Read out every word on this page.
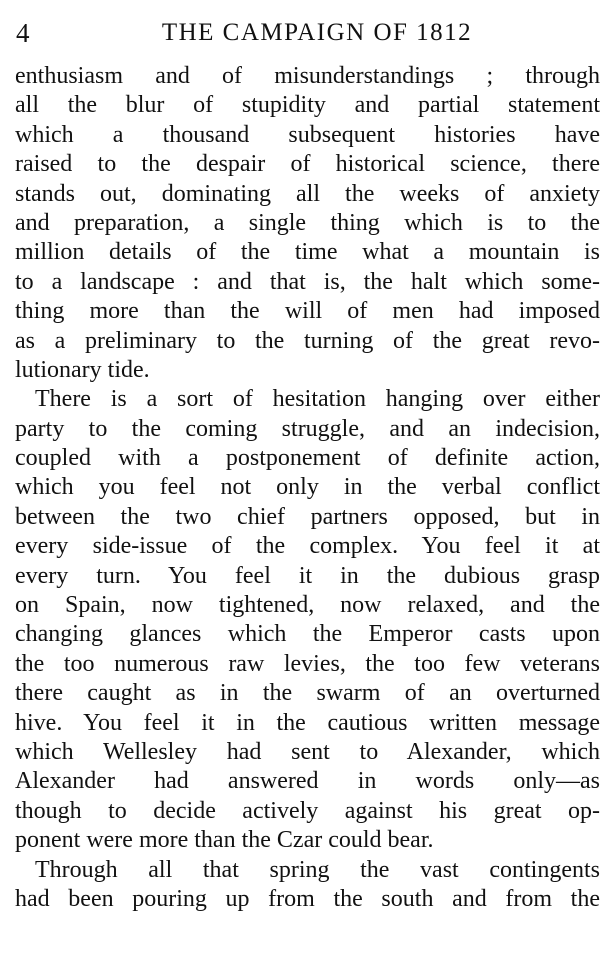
4	THE CAMPAIGN OF 1812
enthusiasm and of misunderstandings ; through
all the blur of stupidity and partial statement
which a thousand subsequent histories have
raised to the despair of historical science, there
stands out, dominating all the weeks of anxiety
and preparation, a single thing which is to the
million details of the time what a mountain is
to a landscape : and that is, the halt which some-
thing more than the will of men had imposed
as a preliminary to the turning of the great revo-
lutionary tide.
There is a sort of hesitation hanging over either
party to the coming struggle, and an indecision,
coupled with a postponement of definite action,
which you feel not only in the verbal conflict
between the two chief partners opposed, but in
every side-issue of the complex. You feel it at
every turn. You feel it in the dubious grasp
on Spain, now tightened, now relaxed, and the
changing glances which the Emperor casts upon
the too numerous raw levies, the too few veterans
there caught as in the swarm of an overturned
hive. You feel it in the cautious written message
which Wellesley had sent to Alexander, which
Alexander had answered in words only—as
though to decide actively against his great op-
ponent were more than the Czar could bear.
Through all that spring the vast contingents
had been pouring up from the south and from the
